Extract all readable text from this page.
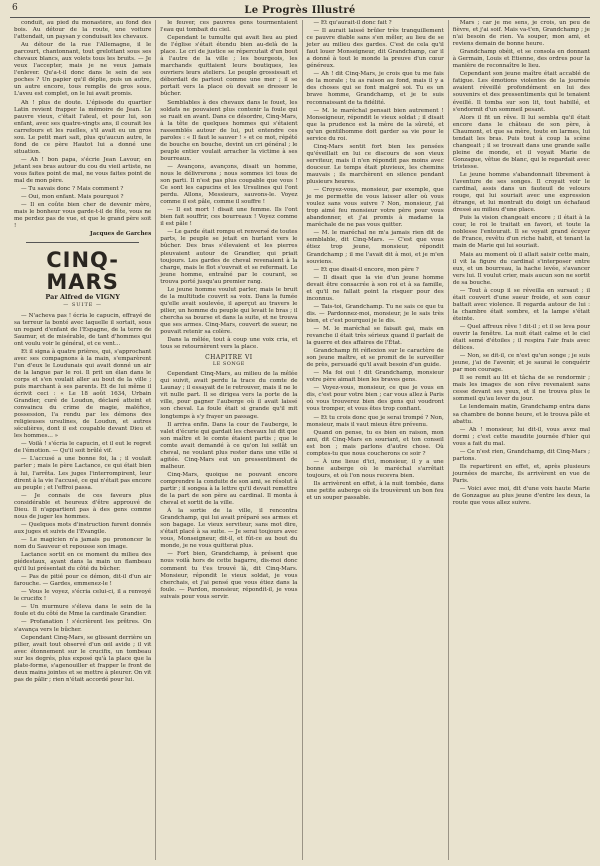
6	Le Progrès Illustré

conduit, au pied du monastère, au fond des bois. Au détour de la route, une voiture l'attendait, un paysan y conduisait les chevaux.

Au détour de la rue l'Allemagne, il le parcourt, chantonnant, tout grelottant sous ses chevaux blancs, aux volets tous les bruits. — Je veux l'accepter, mais je ne veux jamais l'enlever. Qu'a-t-il donc dans le sein de ses poches ? Un papier qu'il déplie, puis un autre, un autre encore, tous remplis de gros sous. L'aveu est complet, on le lui avait promis.

Ah ! plus de doute. L'épisode du quartier Latin revient frapper la mémoire de Jean. Le pauvre vieux, c'était l'aïeul, et pour lui, son enfant, avec ses quatre-vingts ans, il courait les carrefours et les ruelles, s'il avait eu un gros sou. Le petit mari sait, plus qu'aucun autre, le fond de ce père Hautot lui a donné une situation.

— Ah ! bon papa, s'écrie Jean Lavour, en jetant ses bras autour du cou du vieil artiste, ne vous faites point de mal, ne vous faites point de mal de mon père.

— Tu savais donc ? Mais comment ?

— Oui, mon enfant. Mais pourquoi ?

— Il en coûte bien cher de devenir mère, mais le bonheur vous garde-t-il de fête, vous ne me perdez pas de vue, et que le grand père soit !

Jacques de Garches
CINQ-MARS
Par Alfred de VIGNY
— SUITE —

— N'acheva pas ! écria le capucin, effrayé de sa terreur la bonté avec laquelle il sortait, sous un regard d'enfant de l'Espagne, de la terre de Saumur, et de misérable, de tant d'hommes qui ont voulu voir le général, et ce vent...

Et il signa à quatre prières, qui, s'approchant avec ses compagnons à la main, s'emparèrent l'un d'eux le Loudunais qui avait donné un air de la langue par le roi. Il prit un élan dans le corps et s'en voulait aller au bout de la ville ; puis marchant à ses parents. Et de lui même il écrivit ceci : « Le 18 août 1634, Urbain Grandier, curé de Loudun, déclaré atteint et convaincu du crime de magie, maléfice, possession, l'a rendu par les démons des religieuses ursulines, de Loudun, et autres séculières, dont il est coupable devant Dieu et les hommes... »

— Voilà ! s'écria le capucin, et il eut le regret de l'émotion. — Qu'il soit brûlé vif.

— L'accusé a une bonne foi, la ; il voulait parler ; mais le père Lactance, ce qui était bien à lui, l'arrêta. Les juges l'interrompirent, leur dirent à la vie l'accusé, ce qui n'était pas encore au peuple ; et l'effroi passa.

— Je connais de ces faveurs plus considérable et heureux d'être approuvé de Dieu. Il n'appartient pas à des gens comme nous de juger les hommes.

— Quelques mots d'instruction furent donnés aux juges et suivis de l'Evangile.

— Le magicien n'a jamais pu prononcer le nom du Sauveur et repousse son image.

Lactance sortit en ce moment du milieu des piédestaux, ayant dans la main un flambeau qu'il lui présentait du côté du bûcher.

— Pas de pitié pour ce démon, dit-il d'un air farouche. — Gardes, emmenez-le !

— Vous le voyez, s'écria celui-ci, il a renvoyé le crucifix !

— Un murmure s'éleva dans le sein de la foule et du côté de Mme la cardinale Grandier.

— Profanation ! s'écrièrent les prêtres. On s'avança vers le bûcher.

Cependant Cinq-Mars, se glissant derrière un pilier, avait tout observé d'un œil avide ; il vit avec étonnement sur le crucifix, un tombeau sur les degrés, plus exposé qu'à la place que la plate-forme, s'agenouiller et frapper le front de deux mains jointes et se mettre à pleurer. On vit pas de pâlir ; rien n'était accordé pour lui.

le feuver, ces pauvres gens tourmentaient l'eau qui tombait du ciel.

Cependant le tumulte qui avait lieu au pied de l'église s'était étendu bien au-delà de la place. Le cri de justice se répercutait d'un bout à l'autre de la ville ; les bourgeois, les marchands quittaient leurs boutiques, les ouvriers leurs ateliers. Le peuple grossissait et débordait de partout comme une mer ; il se portait vers la place où devait se dresser le bûcher.

Semblables à des chevaux dans le fouet, les soldats ne pouvaient plus contenir la foule qui se ruait en avant. Dans ce désordre, Cinq-Mars, à la tête de quelques hommes qui s'étaient rassemblés autour de lui, put entendre ces paroles : « Il faut le sauver ! » et ce mot, répété de bouche en bouche, devint un cri général ; le peuple entier voulait arracher la victime à ses bourreaux.

— Avançons, avançons, disait un homme, nous le délivrerons ; nous sommes ici tous de son parti. Il n'est pas plus coupable que vous ! Ce sont les capucins et les Ursulines qui l'ont perdu. Allons, Messieurs, sauvons-le. Voyez comme il est pâle, comme il souffre !

— Il est mort ! disait une femme. Ils l'ont bien fait souffrir, ces bourreaux ! Voyez comme il est pâle !

— Le garde était rompu et renversé de toutes parts, le peuple se jetait en hurlant vers le bûcher. Des bras s'élevaient et les pierres pleuvaient autour de Grandier, qui priait toujours. Les gardes de cheval revenaient à la charge, mais le flot s'ouvrait et se refermait. Le jeune homme, entraîné par le courant, se trouva porté jusqu'au premier rang.

Le jeune homme voulut parler, mais le bruit de la multitude couvrit sa voix. Dans la fumée qu'elle avait soulevée, il aperçut au travers le pilier, un homme du peuple qui levait le bras ; il chercha sa bourse et dans la suite, et ne trouva que ses armes. Cinq-Mars, couvert de sueur, ne pouvait retenir sa colère.

Dans la mêlée, tout à coup une voix cria, et tous se retournèrent vers la place.

CHAPITRE VI
LE SONGE

Cependant Cinq-Mars, au milieu de la mêlée qui suivit, avait perdu la trace du comte de Launay ; il essayait de le retrouver, mais il ne le vit nulle part. Il se dirigea vers la porte de la ville, pour gagner l'auberge où il avait laissé son cheval. La foule était si grande qu'il mit longtemps à s'y frayer un passage.

Il arriva enfin. Dans la cour de l'auberge, le valet d'écurie qui gardait les chevaux lui dit que son maître et le comte étaient partis ; que le comte avait demandé à ce qu'on lui sellât un cheval, ne voulant plus rester dans une ville si agitée. Cinq-Mars eut un pressentiment de malheur.

Cinq-Mars, quoique ne pouvant encore comprendre la conduite de son ami, se résolut à partir ; il songea à la lettre qu'il devait remettre de la part de son père au cardinal. Il monta à cheval et sortit de la ville.

À la sortie de la ville, il rencontra Grandchamp, qui lui avait préparé ses armes et son bagage. Le vieux serviteur, sans mot dire, s'était placé à sa suite. — Je serai toujours avec vous, Monseigneur, dit-il, et fût-ce au bout du monde, je ne vous quitterai plus.

— Fort bien, Grandchamp, à présent que nous voilà hors de cette bagarre, dis-moi donc comment tu t'es trouvé là, dit Cinq-Mars. Monsieur, répondit le vieux soldat, je vous cherchais, et j'ai pensé que vous étiez dans la foule. — Pardon, monsieur, répondit-il, je vous suivais pour vous servir.

— Et qu'aurait-il donc fait ?

— Il aurait laissé brûler très tranquillement ce pauvre diable sans s'en mêler, au lieu de se jeter au milieu des gardes. C'est de cela qu'il faut louer Monseigneur, dit Grandchamp, car il a donné à tout le monde la preuve d'un cœur généreux.

— Ah ! dit Cinq-Mars, je crois que tu me fais de la morale ; tu as raison au fond, mais il y a des choses qui se font malgré soi. Tu es un brave homme, Grandchamp, et je te suis reconnaissant de ta fidélité.

— M. le maréchal pensait bien autrement ! Monseigneur, répondit le vieux soldat ; il disait que la prudence est la mère de la sûreté, et qu'un gentilhomme doit garder sa vie pour le service du roi.

Cinq-Mars sentit fort bien les pensées qu'éveillait en lui ce discours de son vieux serviteur, mais il n'en répondit pas moins avec douceur. Le temps était pluvieux, les chemins mauvais ; ils marchèrent en silence pendant plusieurs heures.

— Croyez-vous, monsieur, par exemple, que je me permette de vous laisser aller où vous voulez sans vous suivre ? Non, monsieur, j'ai trop aimé feu monsieur votre père pour vous abandonner, et j'ai promis à madame la maréchale de ne pas vous quitter.

— M. le maréchal ne m'a jamais rien dit de semblable, dit Cinq-Mars. — C'est que vous étiez trop jeune, monsieur, répondit Grandchamp ; il me l'avait dit à moi, et je m'en souviens.

— Et que disait-il encore, mon père ?

— Il disait que la vie d'un jeune homme devait être consacrée à son roi et à sa famille, et qu'il ne fallait point la risquer pour des inconnus.

— Tais-toi, Grandchamp. Tu ne sais ce que tu dis. — Pardonnez-moi, monsieur, je le sais très bien, et c'est pourquoi je le dis.

— M. le maréchal se faisait gai, mais en revanche il était très sérieux quand il parlait de la guerre et des affaires de l'État.

Grandchamp fit réflexion sur le caractère de son jeune maître, et se promit de le surveiller de près, persuadé qu'il avait besoin d'un guide.

— Ma foi oui ! dit Grandchamp, monsieur votre père aimait bien les braves gens.

— Voyez-vous, monsieur, ce que je vous en dis, c'est pour votre bien ; car vous allez à Paris où vous trouverez bien des gens qui voudront vous tromper, et vous êtes trop confiant.

— Et tu crois donc que je serai trompé ? Non, monsieur, mais il vaut mieux être prévenu.

Quand on pense, tu es bien en raison, mon ami, dit Cinq-Mars en souriant, et ton conseil est bon ; mais parlons d'autre chose. Où comptes-tu que nous coucherons ce soir ?

— À une lieue d'ici, monsieur, il y a une bonne auberge où le maréchal s'arrêtait toujours, et où l'on nous recevra bien.

Ils arrivèrent en effet, à la nuit tombée, dans une petite auberge où ils trouvèrent un bon feu et un souper passable.

Mars ; car je me sens, je crois, un peu de fièvre, et j'ai soif. Mais va-t'en, Grandchamp ; je n'ai besoin de rien. Va souper, mon ami, et reviens demain de bonne heure.

Grandchamp obéit, et se consola en donnant à Germain, Louis et Etienne, des ordres pour la manière de reconnaître le lieu.

Cependant son jeune maître était accablé de fatigue. Les émotions violentes de la journée avaient réveillé profondément en lui des souvenirs et des pressentiments qui le tenaient éveillé. Il tomba sur son lit, tout habillé, et s'endormit d'un sommeil pesant.

Alors il fit un rêve. Il lui sembla qu'il était encore dans le château de son père, à Chaumont, et que sa mère, toute en larmes, lui tendait les bras. Puis tout à coup la scène changeait ; il se trouvait dans une grande salle pleine de monde, et il voyait Marie de Gonzague, vêtue de blanc, qui le regardait avec tristesse.

Le jeune homme s'abandonnait librement à l'aventure de ses songes. Il croyait voir le cardinal, assis dans un fauteuil de velours rouge, qui lui souriait avec une expression étrange, et lui montrait du doigt un échafaud dressé au milieu d'une place.

Puis la vision changeait encore ; il était à la cour, le roi le traitait en favori, et toute la noblesse l'entourait. Il se voyait grand écuyer de France, revêtu d'un riche habit, et tenant la main de Marie qui lui souriait.

Mais au moment où il allait saisir cette main, il vit la figure du cardinal s'interposer entre eux, et un bourreau, la hache levée, s'avancer vers lui. Il voulut crier, mais aucun son ne sortit de sa bouche.

— Tout à coup il se réveilla en sursaut ; il était couvert d'une sueur froide, et son cœur battait avec violence. Il regarda autour de lui : la chambre était sombre, et la lampe s'était éteinte.

— Quel affreux rêve ! dit-il ; et il se leva pour ouvrir la fenêtre. La nuit était calme et le ciel était semé d'étoiles ; il respira l'air frais avec délices.

— Non, se dit-il, ce n'est qu'un songe ; je suis jeune, j'ai de l'avenir, et je saurai le conquérir par mon courage.

Il se remit au lit et tâcha de se rendormir ; mais les images de son rêve revenaient sans cesse devant ses yeux, et il ne trouva plus le sommeil qu'au lever du jour.

Le lendemain matin, Grandchamp entra dans sa chambre de bonne heure, et le trouva pâle et abattu.

— Ah ! monsieur, lui dit-il, vous avez mal dormi ; c'est cette maudite journée d'hier qui vous a fait du mal.

— Ce n'est rien, Grandchamp, dit Cinq-Mars ; partons.

Ils repartirent en effet, et, après plusieurs journées de marche, ils arrivèrent en vue de Paris.

— Voici avec moi, dit d'une voix haute Marie de Gonzague au plus jeune d'entre les deux, la route que vous allez suivre.
